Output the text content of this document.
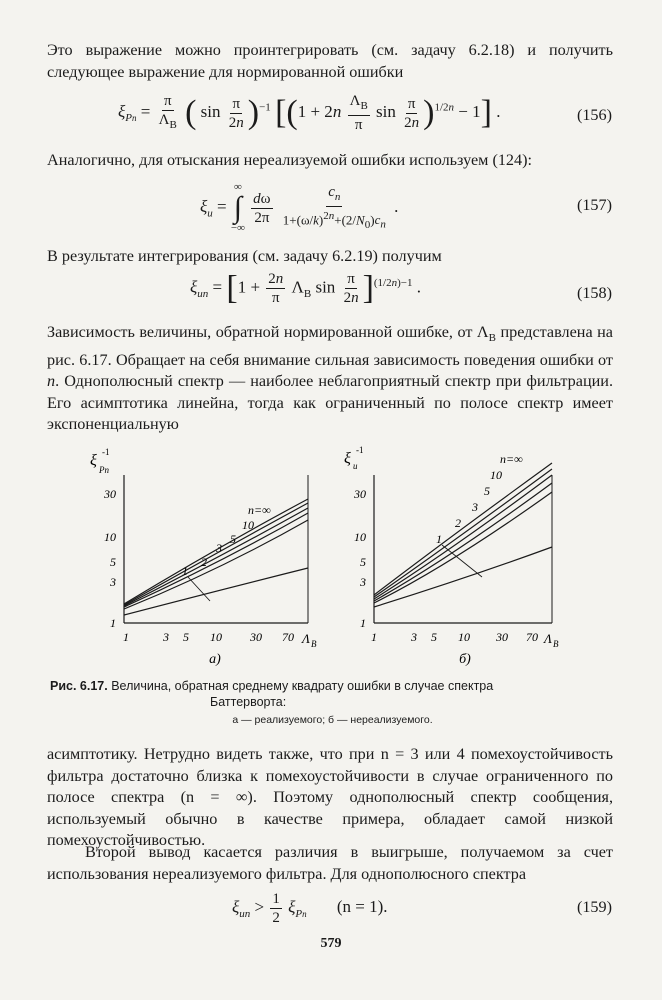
Это выражение можно проинтегрировать (см. задачу 6.2.18) и получить следующее выражение для нормированной ошибки
$\xi_{Pn} = \frac{\pi}{\Lambda_B}$ ( $\sin \frac{\pi}{2n} )^{-1}$ [($1 + 2n \frac{\Lambda_B}{\pi}$ $\sin \frac{\pi}{2n} )^{1/2n} - 1$] .	(156)
Аналогично, для отыскания нереализуемой ошибки используем (124):
$\xi_u$ =
∞
∫
−∞

$\frac{d\omega}{2\pi}$
$\frac{c_n}{1+(\omega/k)^{2n}+(2/N_0)c_n}$ .	(157)
В результате интегрирования (см. задачу 6.2.19) получим
$\xi_{un} = [1 + \frac{2n}{\pi} \Lambda_B$ $\sin \frac{\pi}{2n} ]^{(1/2n)-1}$ .	(158)
Зависимость величины, обратной нормированной ошибке, от $\Lambda_B$ представлена на рис. 6.17. Обращает на себя внимание сильная зависимость поведения ошибки от n. Однополюсный спектр — наиболее неблагоприятный спектр при фильтрации. Его асимптотика линейна, тогда как ограниченный по полосе спектр имеет экспоненциальную
ξ
Pn
-1
1
3
5
10
30
1	3 5 10 30 70 Λ B
а)
1
2
3
5
10
n=∞
ξ u
-1
1
3
5
10
30
1	3 5 10 30 70 Λ B
б)
1
2
3
5
10
n=∞
Рис. 6.17. Величина, обратная среднему квадрату ошибки в случае спектра
Баттерворта:
а — реализуемого; б — нереализуемого.
асимптотику. Нетрудно видеть также, что при n = 3 или 4 помехоустойчивость фильтра достаточно близка к помехоустойчивости в случае ограниченного по полосе спектра (n = ∞). Поэтому однополюсный спектр сообщения, используемый обычно в качестве примера, обладает самой низкой помехоустойчивостью.
Второй вывод касается различия в выигрыше, получаемом за счет использования нереализуемого фильтра. Для однополюсного спектра
$\xi_{un} > \frac{1}{2} \xi_{Pn}$ (n = 1).	(159)
579
